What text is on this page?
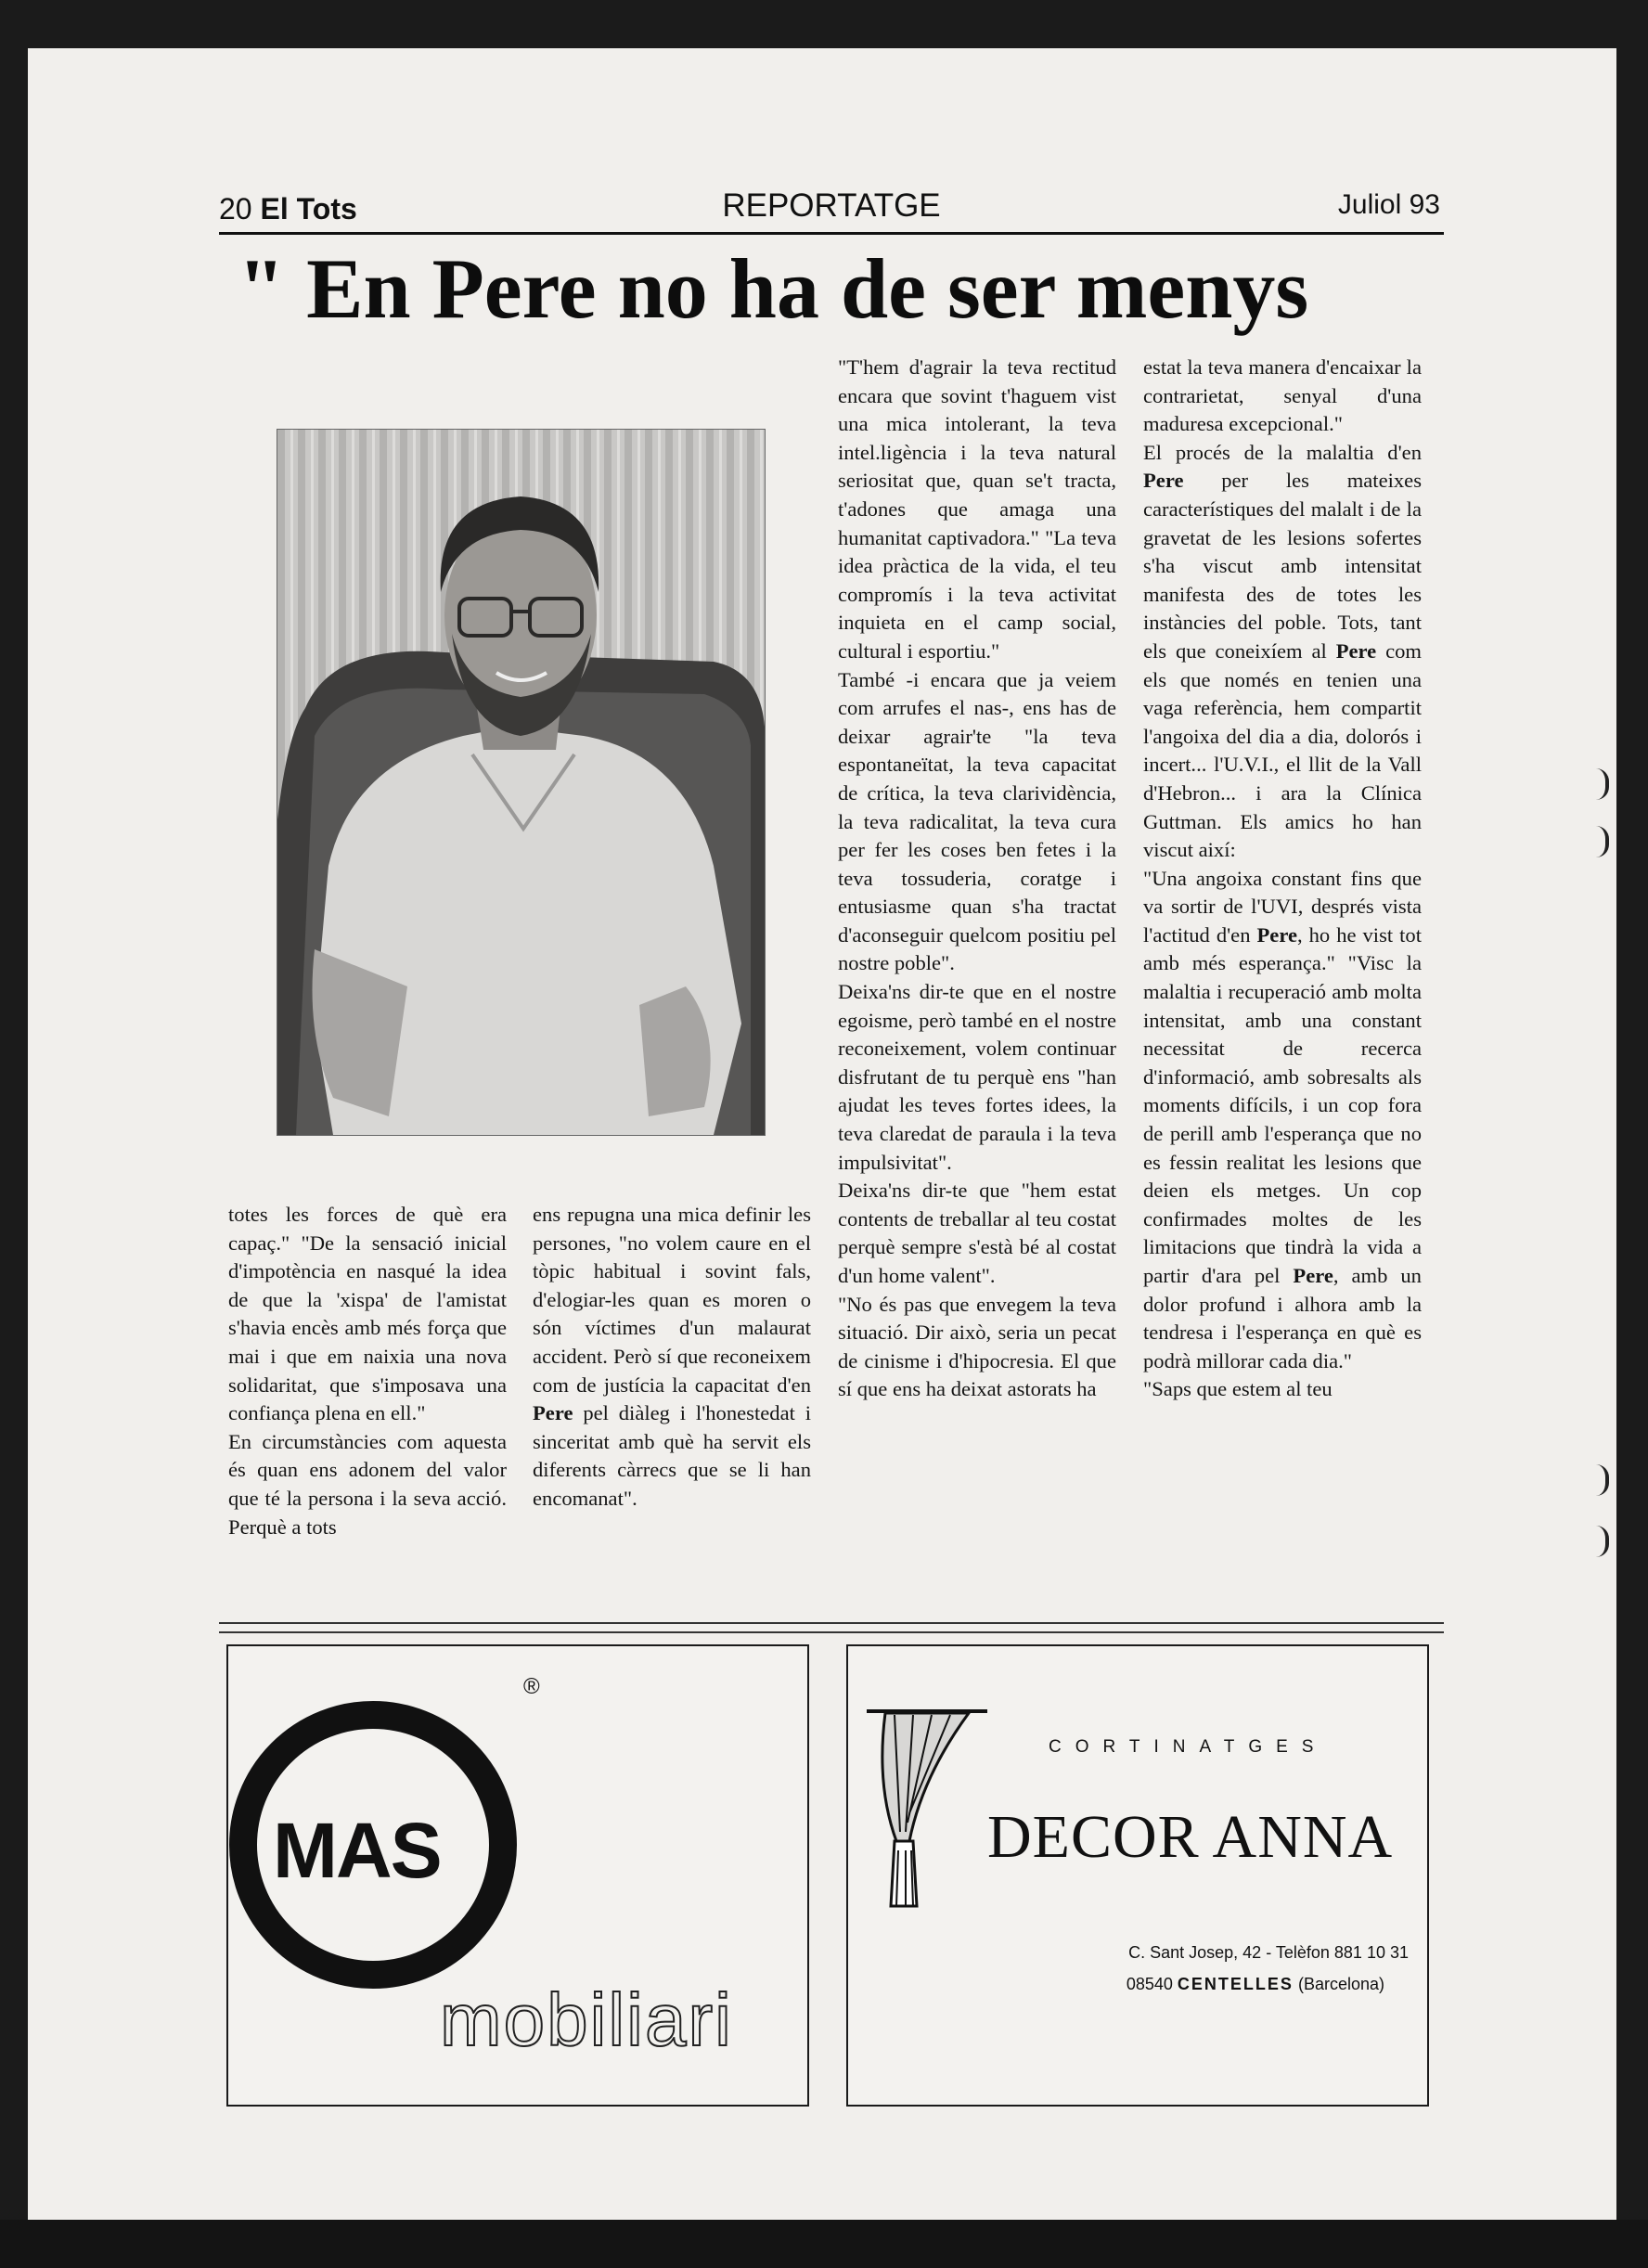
20 El Tots	REPORTATGE	Juliol 93
" En Pere no ha de ser menys

totes les forces de què era capaç." "De la sensació inicial d'impotència en nasqué la idea de que la 'xispa' de l'amistat s'havia encès amb més força que mai i que em naixia una nova solidaritat, que s'imposava una confiança plena en ell."

En circumstàncies com aquesta és quan ens adonem del valor que té la persona i la seva acció. Perquè a tots

ens repugna una mica definir les persones, "no volem caure en el tòpic habitual i sovint fals, d'elogiar-les quan es moren o són víctimes d'un malaurat accident. Però sí que reconeixem com de justícia la capacitat d'en Pere pel diàleg i l'honestedat i sinceritat amb què ha servit els diferents càrrecs que se li han encomanat".

"T'hem d'agrair la teva rectitud encara que sovint t'haguem vist una mica intolerant, la teva intel.ligència i la teva natural seriositat que, quan se't tracta, t'adones que amaga una humanitat captivadora." "La teva idea pràctica de la vida, el teu compromís i la teva activitat inquieta en el camp social, cultural i esportiu."

També -i encara que ja veiem com arrufes el nas-, ens has de deixar agrair'te "la teva espontaneïtat, la teva capacitat de crítica, la teva clarividència, la teva radicalitat, la teva cura per fer les coses ben fetes i la teva tossuderia, coratge i entusiasme quan s'ha tractat d'aconseguir quelcom positiu pel nostre poble".

Deixa'ns dir-te que en el nostre egoisme, però també en el nostre reconeixement, volem continuar disfrutant de tu perquè ens "han ajudat les teves fortes idees, la teva claredat de paraula i la teva impulsivitat".

Deixa'ns dir-te que "hem estat contents de treballar al teu costat perquè sempre s'està bé al costat d'un home valent".

"No és pas que envegem la teva situació. Dir això, seria un pecat de cinisme i d'hipocresia. El que sí que ens ha deixat astorats ha

estat la teva manera d'encaixar la contrarietat, senyal d'una maduresa excepcional."

El procés de la malaltia d'en Pere per les mateixes característiques del malalt i de la gravetat de les lesions sofertes s'ha viscut amb intensitat manifesta des de totes les instàncies del poble. Tots, tant els que coneixíem al Pere com els que només en tenien una vaga referència, hem compartit l'angoixa del dia a dia, dolorós i incert... l'U.V.I., el llit de la Vall d'Hebron... i ara la Clínica Guttman. Els amics ho han viscut així:

"Una angoixa constant fins que va sortir de l'UVI, després vista l'actitud d'en Pere, ho he vist tot amb més esperança." "Visc la malaltia i recuperació amb molta intensitat, amb una constant necessitat de recerca d'informació, amb sobresalts als moments difícils, i un cop fora de perill amb l'esperança que no es fessin realitat les lesions que deien els metges. Un cop confirmades moltes de les limitacions que tindrà la vida a partir d'ara pel Pere, amb un dolor profund i alhora amb la tendresa i l'esperança en què es podrà millorar cada dia."

"Saps que estem al teu

®
MAS
mobiliari
CORTINATGES
DECOR ANNA
C. Sant Josep, 42 - Telèfon 881 10 31
08540 CENTELLES (Barcelona)
